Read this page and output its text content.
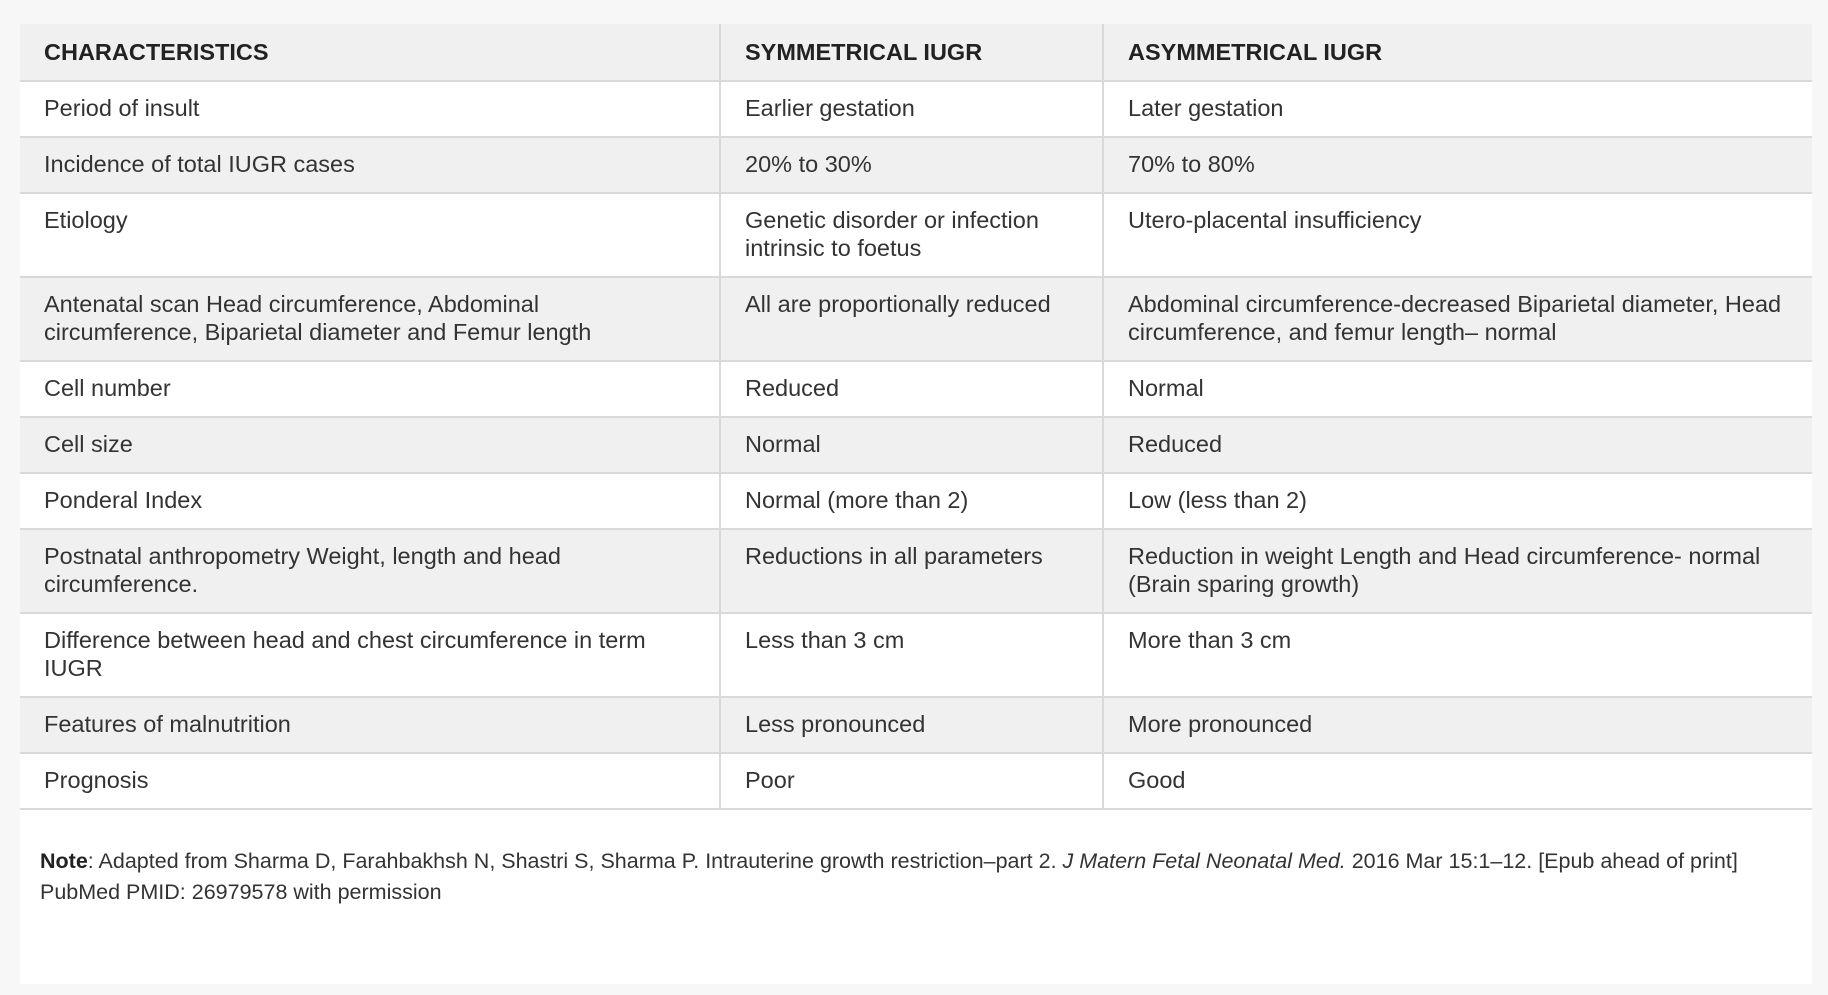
CHARACTERISTICS	SYMMETRICAL IUGR	ASYMMETRICAL IUGR
Period of insult	Earlier gestation	Later gestation
Incidence of total IUGR cases	20% to 30%	70% to 80%
Etiology	Genetic disorder or infection intrinsic to foetus	Utero-placental insufficiency
Antenatal scan Head circumference, Abdominal circumference, Biparietal diameter and Femur length	All are proportionally reduced	Abdominal circumference-decreased Biparietal diameter, Head circumference, and femur length– normal
Cell number	Reduced	Normal
Cell size	Normal	Reduced
Ponderal Index	Normal (more than 2)	Low (less than 2)
Postnatal anthropometry Weight, length and head circumference.	Reductions in all parameters	Reduction in weight Length and Head circumference- normal (Brain sparing growth)
Difference between head and chest circumference in term IUGR	Less than 3 cm	More than 3 cm
Features of malnutrition	Less pronounced	More pronounced
Prognosis	Poor	Good

Note: Adapted from Sharma D, Farahbakhsh N, Shastri S, Sharma P. Intrauterine growth restriction–part 2. J Matern Fetal Neonatal Med. 2016 Mar 15:1–12. [Epub ahead of print] PubMed PMID: 26979578 with permission
